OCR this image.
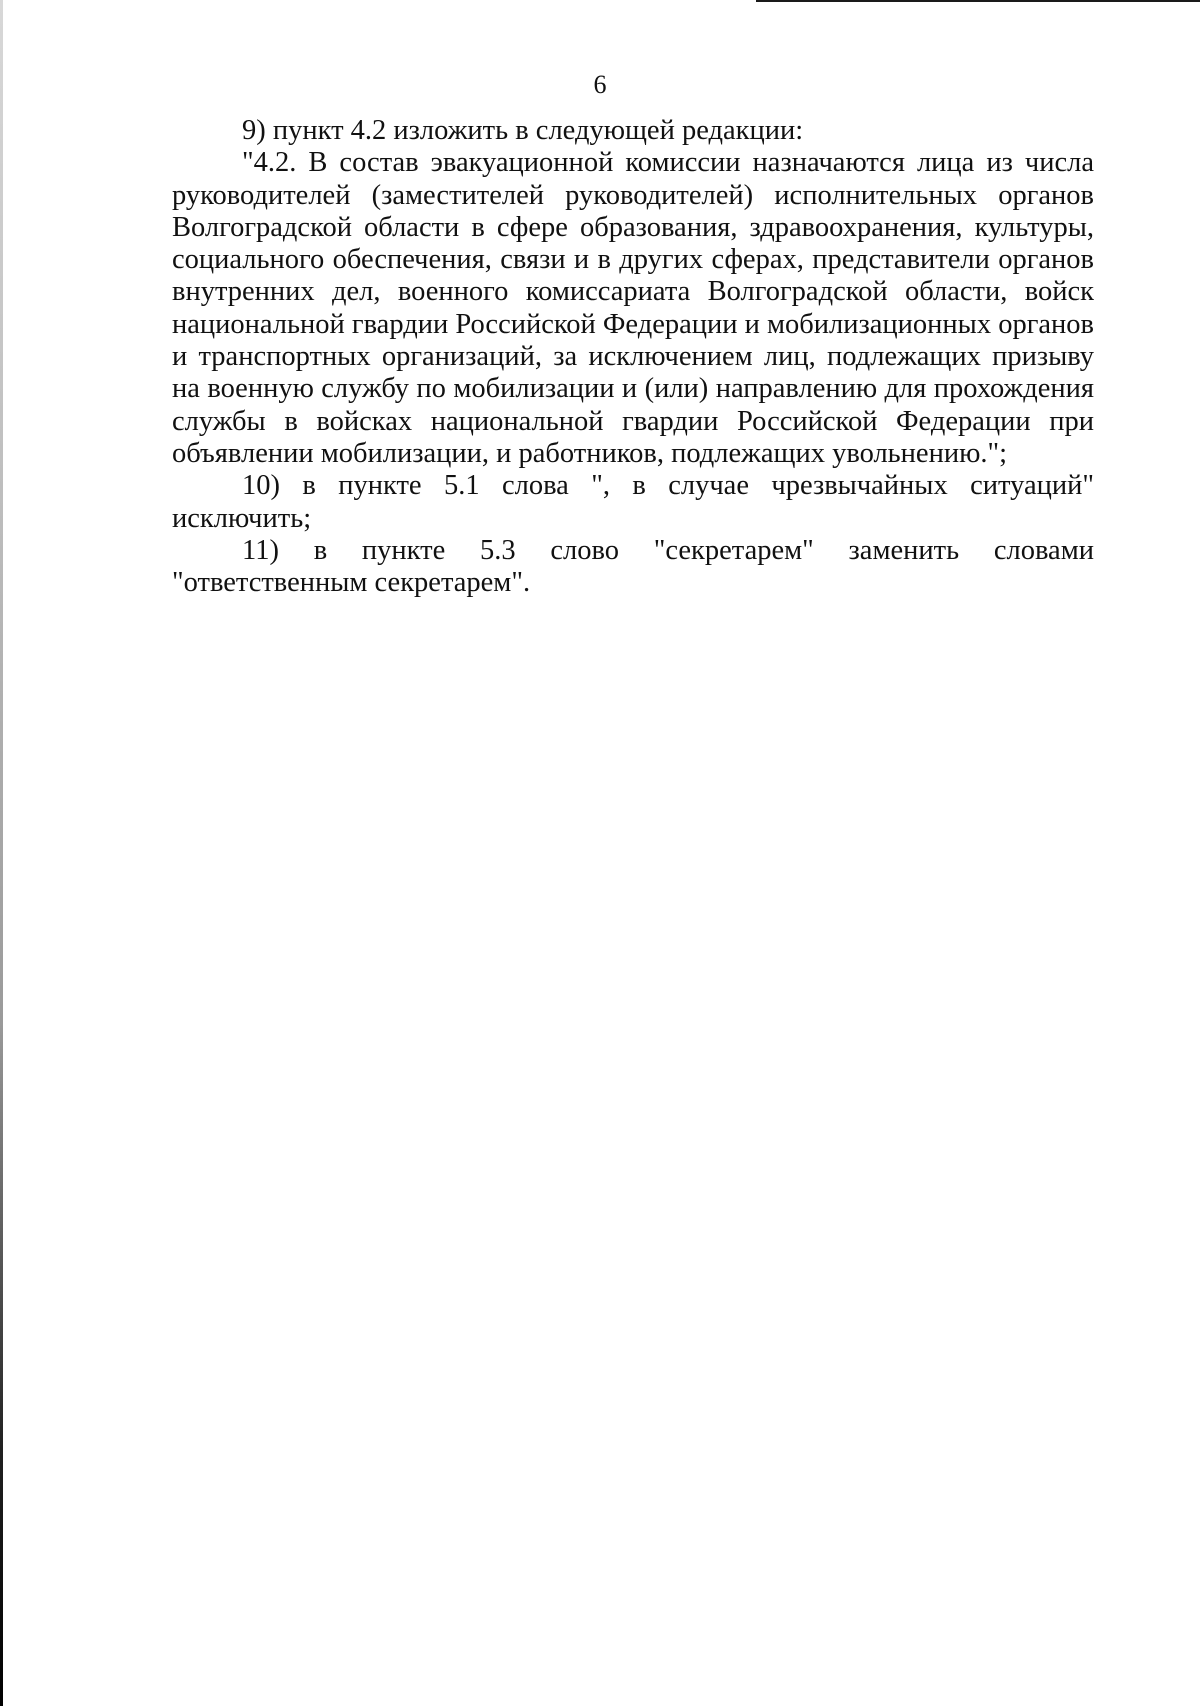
6

9) пункт 4.2 изложить в следующей редакции:

"4.2. В состав эвакуационной комиссии назначаются лица из числа руководителей (заместителей руководителей) исполнительных органов Волгоградской области в сфере образования, здравоохранения, культуры, социального обеспечения, связи и в других сферах, представители органов внутренних дел, военного комиссариата Волгоградской области, войск национальной гвардии Российской Федерации и мобилизационных органов и транспортных организаций, за исключением лиц, подлежащих призыву на военную службу по мобилизации и (или) направлению для прохождения службы в войсках национальной гвардии Российской Федерации при объявлении мобилизации, и работников, подлежащих увольнению.";

10) в пункте 5.1 слова ", в случае чрезвычайных ситуаций" исключить;

11) в пункте 5.3 слово "секретарем" заменить словами "ответственным секретарем".
